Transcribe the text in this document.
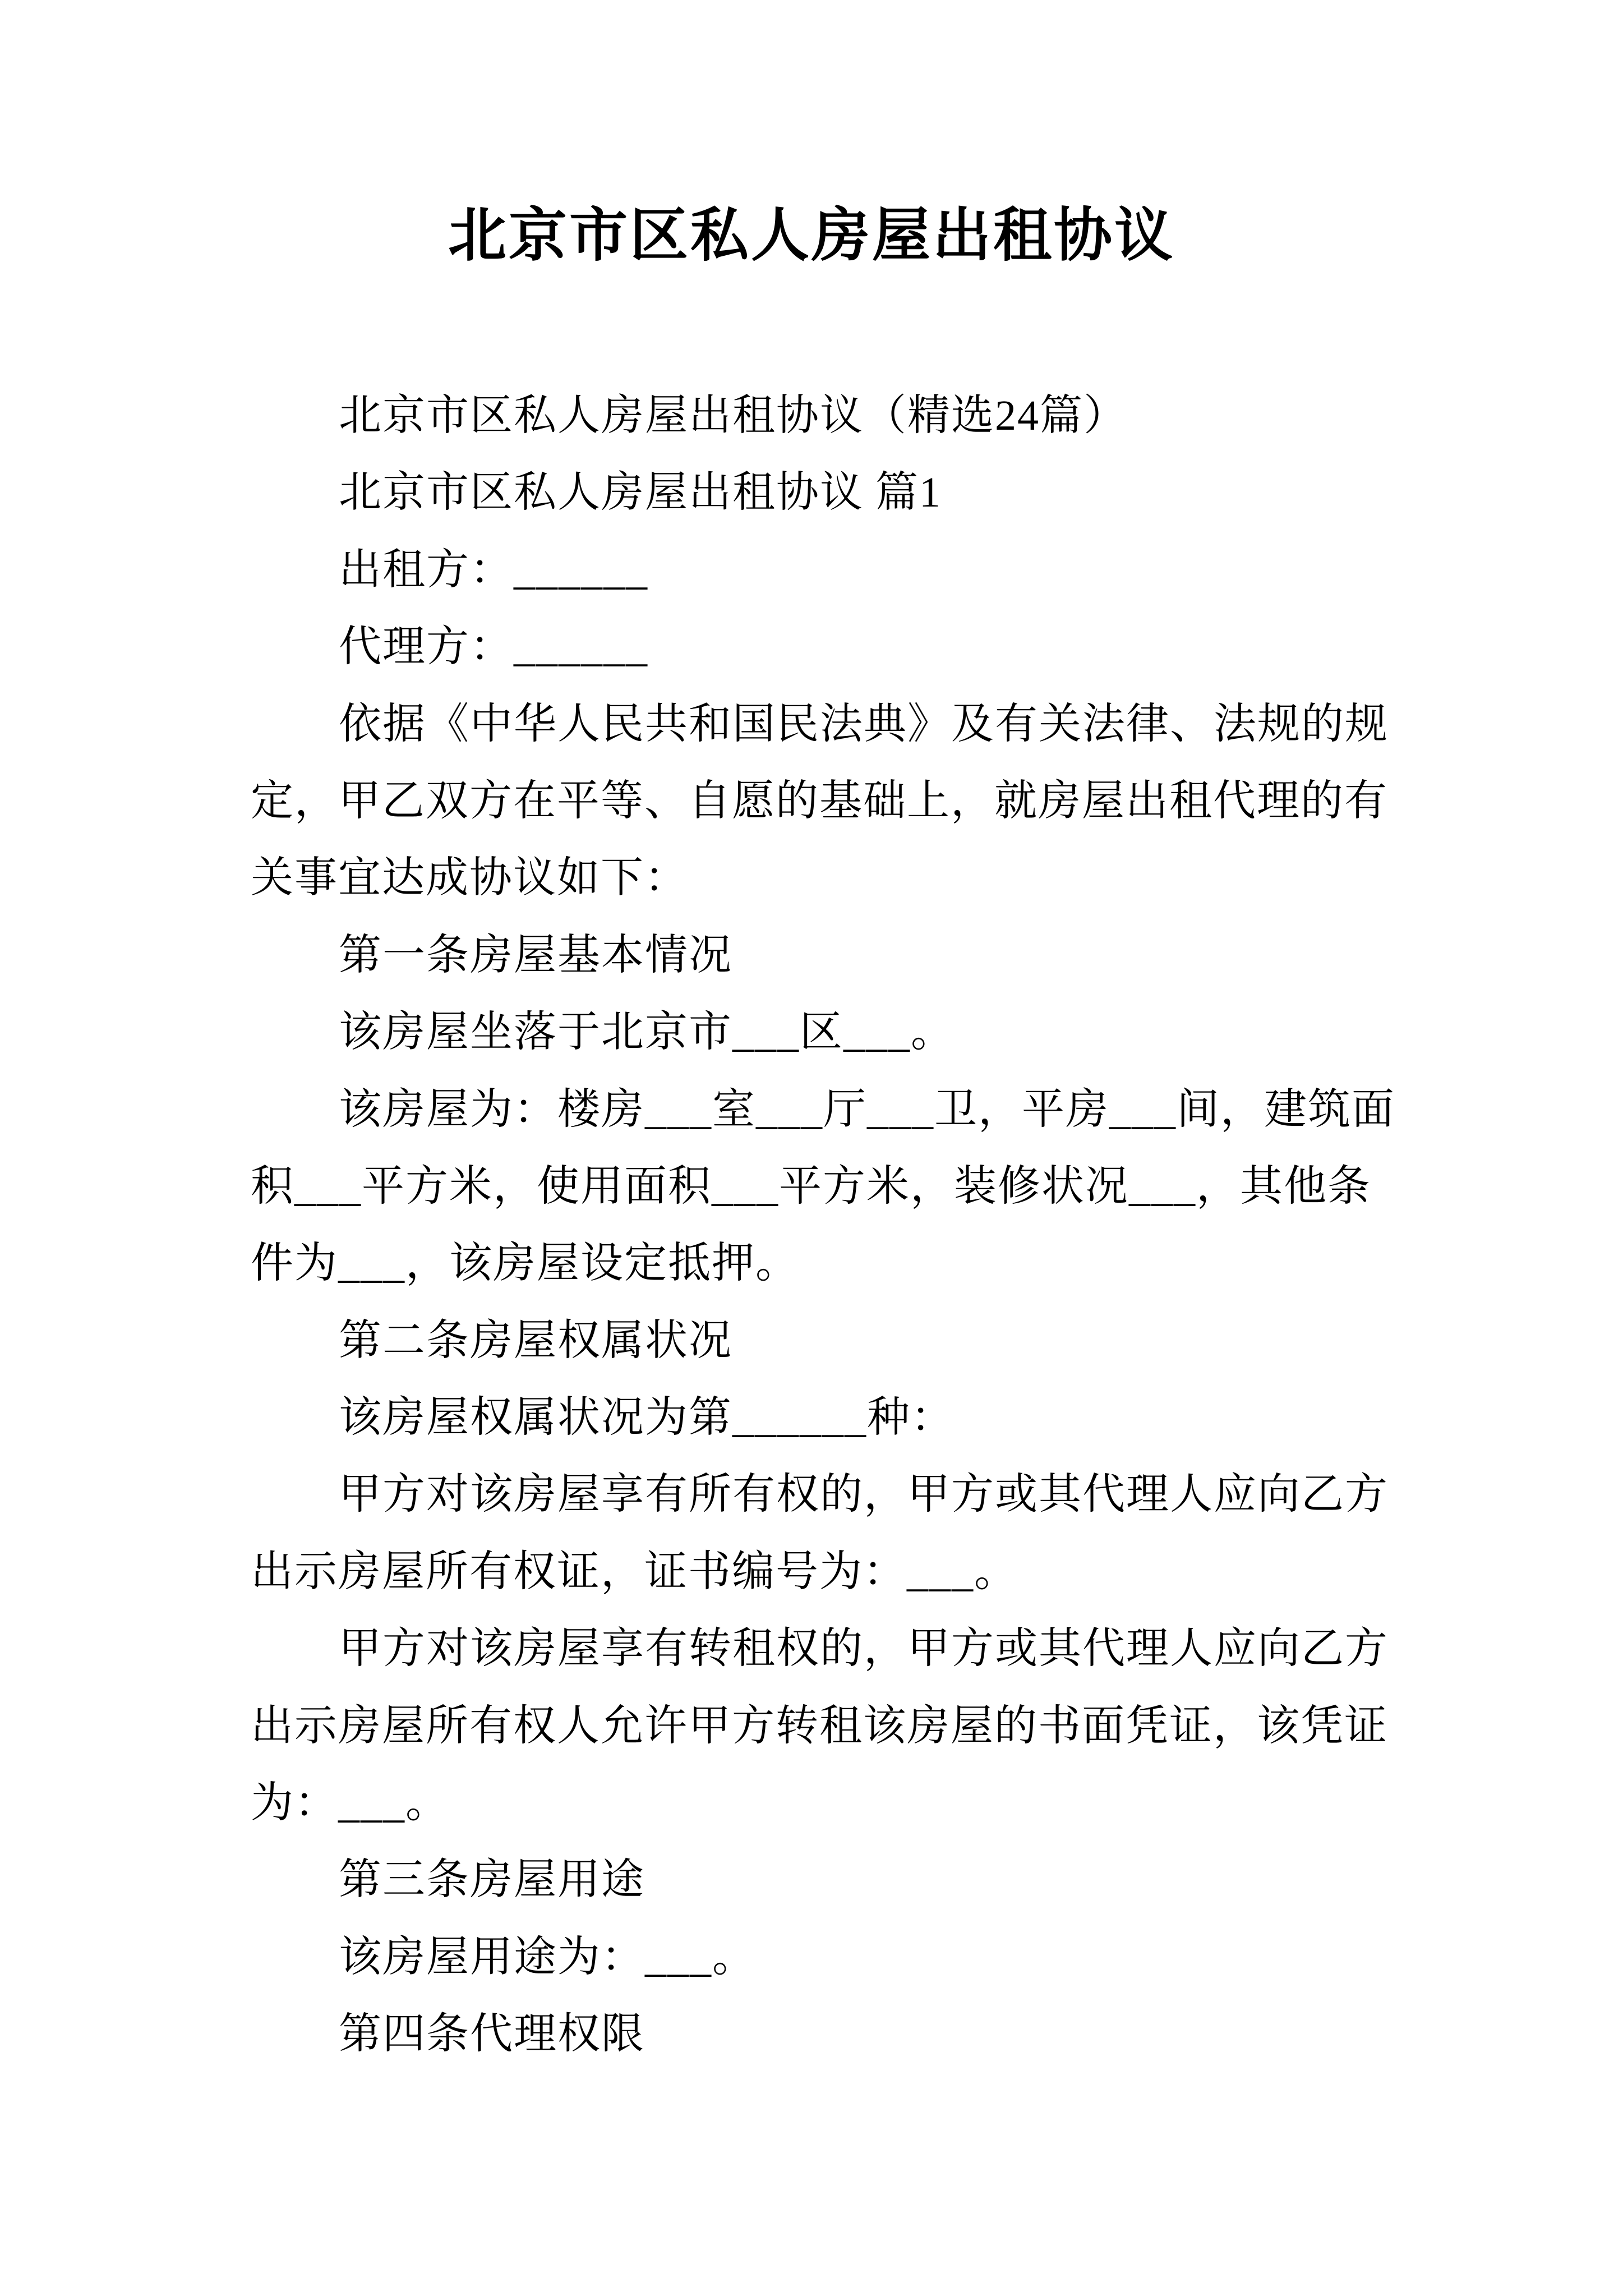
北京市区私人房屋出租协议
北京市区私人房屋出租协议（精选24篇）
北京市区私人房屋出租协议 篇1
出租方：______
代理方：______
依据《中华人民共和国民法典》及有关法律、法规的规
定，甲乙双方在平等、自愿的基础上，就房屋出租代理的有
关事宜达成协议如下：
第一条房屋基本情况
该房屋坐落于北京市___区___。
该房屋为：楼房___室___厅___卫，平房___间，建筑面
积___平方米，使用面积___平方米，装修状况___，其他条
件为___，该房屋设定抵押。
第二条房屋权属状况
该房屋权属状况为第______种：
甲方对该房屋享有所有权的，甲方或其代理人应向乙方
出示房屋所有权证，证书编号为：___。
甲方对该房屋享有转租权的，甲方或其代理人应向乙方
出示房屋所有权人允许甲方转租该房屋的书面凭证，该凭证
为：___。
第三条房屋用途
该房屋用途为：___。
第四条代理权限
